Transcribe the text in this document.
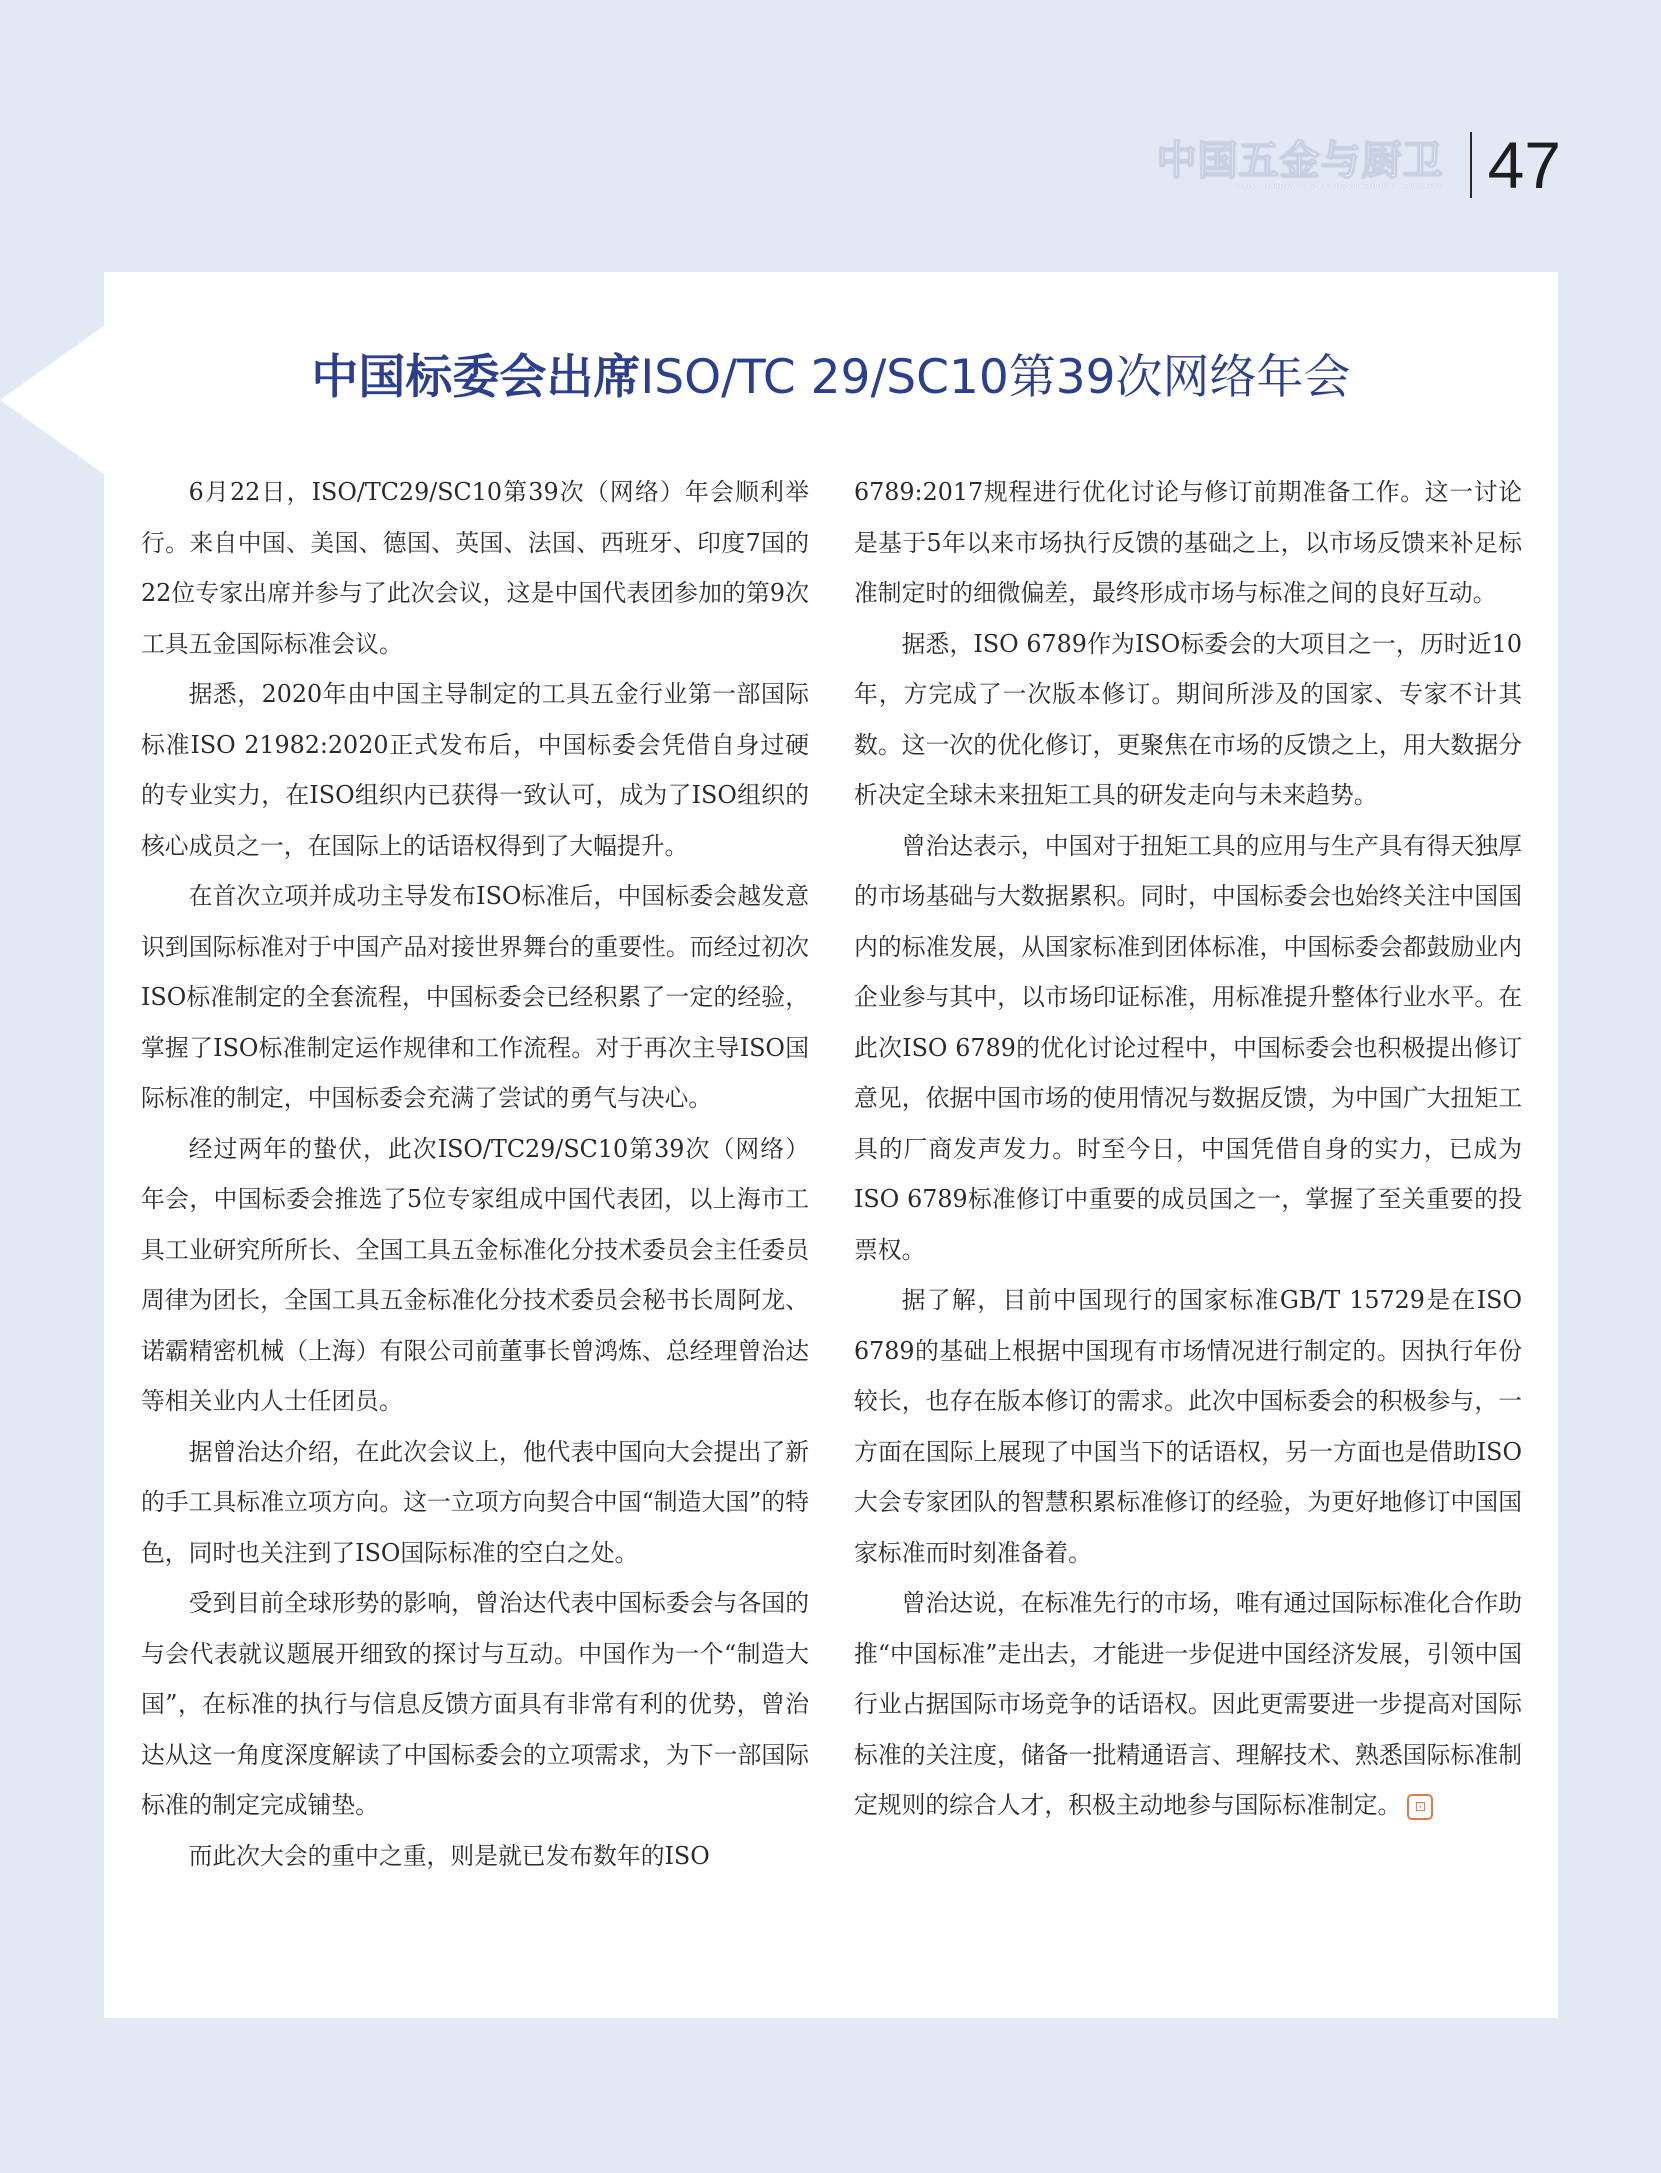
中国五金与厨卫
CHINA HARDWARE & KITCHEN/BATHROOM APPARATUS 47
中国标委会出席ISO/TC 29/SC10第39次网络年会

6月22日，ISO/TC29/SC10第39次（网络）年会顺利举行。来自中国、美国、德国、英国、法国、西班牙、印度7国的22位专家出席并参与了此次会议，这是中国代表团参加的第9次工具五金国际标准会议。

据悉，2020年由中国主导制定的工具五金行业第一部国际标准ISO 21982:2020正式发布后，中国标委会凭借自身过硬的专业实力，在ISO组织内已获得一致认可，成为了ISO组织的核心成员之一，在国际上的话语权得到了大幅提升。

在首次立项并成功主导发布ISO标准后，中国标委会越发意识到国际标准对于中国产品对接世界舞台的重要性。而经过初次ISO标准制定的全套流程，中国标委会已经积累了一定的经验，掌握了ISO标准制定运作规律和工作流程。对于再次主导ISO国际标准的制定，中国标委会充满了尝试的勇气与决心。

经过两年的蛰伏，此次ISO/TC29/SC10第39次（网络）年会，中国标委会推选了5位专家组成中国代表团，以上海市工具工业研究所所长、全国工具五金标准化分技术委员会主任委员周律为团长，全国工具五金标准化分技术委员会秘书长周阿龙、诺霸精密机械（上海）有限公司前董事长曾鸿炼、总经理曾治达等相关业内人士任团员。

据曾治达介绍，在此次会议上，他代表中国向大会提出了新的手工具标准立项方向。这一立项方向契合中国“制造大国”的特色，同时也关注到了ISO国际标准的空白之处。

受到目前全球形势的影响，曾治达代表中国标委会与各国的与会代表就议题展开细致的探讨与互动。中国作为一个“制造大国”，在标准的执行与信息反馈方面具有非常有利的优势，曾治达从这一角度深度解读了中国标委会的立项需求，为下一部国际标准的制定完成铺垫。

而此次大会的重中之重，则是就已发布数年的ISO

6789:2017规程进行优化讨论与修订前期准备工作。这一讨论是基于5年以来市场执行反馈的基础之上，以市场反馈来补足标准制定时的细微偏差，最终形成市场与标准之间的良好互动。

据悉，ISO 6789作为ISO标委会的大项目之一，历时近10年，方完成了一次版本修订。期间所涉及的国家、专家不计其数。这一次的优化修订，更聚焦在市场的反馈之上，用大数据分析决定全球未来扭矩工具的研发走向与未来趋势。

曾治达表示，中国对于扭矩工具的应用与生产具有得天独厚的市场基础与大数据累积。同时，中国标委会也始终关注中国国内的标准发展，从国家标准到团体标准，中国标委会都鼓励业内企业参与其中，以市场印证标准，用标准提升整体行业水平。在此次ISO 6789的优化讨论过程中，中国标委会也积极提出修订意见，依据中国市场的使用情况与数据反馈，为中国广大扭矩工具的厂商发声发力。时至今日，中国凭借自身的实力，已成为ISO 6789标准修订中重要的成员国之一，掌握了至关重要的投票权。

据了解，目前中国现行的国家标准GB/T 15729是在ISO 6789的基础上根据中国现有市场情况进行制定的。因执行年份较长，也存在版本修订的需求。此次中国标委会的积极参与，一方面在国际上展现了中国当下的话语权，另一方面也是借助ISO大会专家团队的智慧积累标准修订的经验，为更好地修订中国国家标准而时刻准备着。

曾治达说，在标准先行的市场，唯有通过国际标准化合作助推“中国标准”走出去，才能进一步促进中国经济发展，引领中国行业占据国际市场竞争的话语权。因此更需要进一步提高对国际标准的关注度，储备一批精通语言、理解技术、熟悉国际标准制定规则的综合人才，积极主动地参与国际标准制定。 ⊡
